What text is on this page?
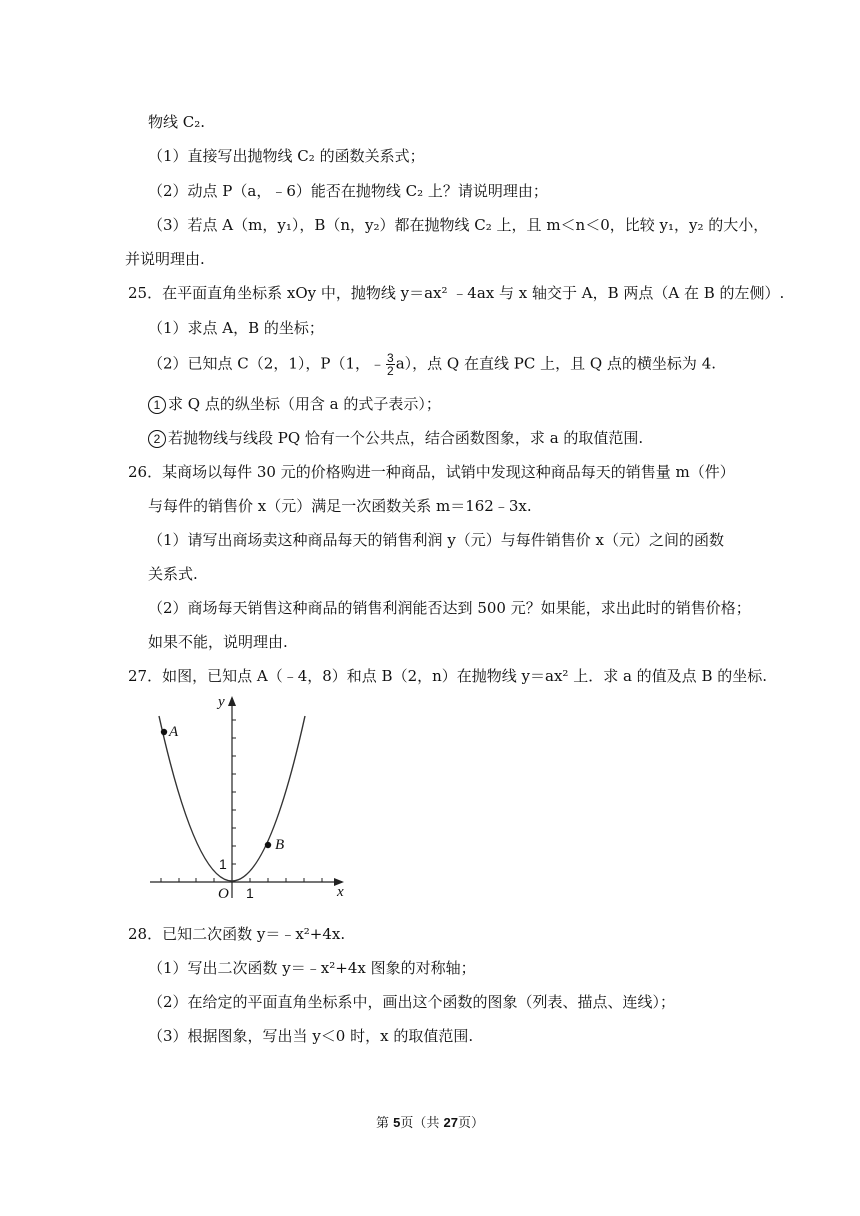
物线 C₂.
（1）直接写出抛物线 C₂ 的函数关系式；
（2）动点 P（a，﹣6）能否在抛物线 C₂ 上？请说明理由；
（3）若点 A（m，y₁），B（n，y₂）都在抛物线 C₂ 上，且 m＜n＜0，比较 y₁，y₂ 的大小，
并说明理由.
25．在平面直角坐标系 xOy 中，抛物线 y＝ax² ﹣4ax 与 x 轴交于 A，B 两点（A 在 B 的左侧）.
（1）求点 A，B 的坐标；
（2）已知点 C（2，1），P（1，﹣ $\frac{3}{2} a$），点 Q 在直线 PC 上，且 Q 点的横坐标为 4.
1 求 Q 点的纵坐标（用含 a 的式子表示）；
2 若抛物线与线段 PQ 恰有一个公共点，结合函数图象，求 a 的取值范围.
26．某商场以每件 30 元的价格购进一种商品，试销中发现这种商品每天的销售量 m（件）
与每件的销售价 x（元）满足一次函数关系 m＝162﹣3x.
（1）请写出商场卖这种商品每天的销售利润 y（元）与每件销售价 x（元）之间的函数
关系式.
（2）商场每天销售这种商品的销售利润能否达到 500 元？如果能，求出此时的销售价格；
如果不能，说明理由.
27．如图，已知点 A（﹣4，8）和点 B（2，n）在抛物线 y＝ax² 上．求 a 的值及点 B 的坐标.
A
B
y
x
O 1
1
28．已知二次函数 y＝﹣x²+4x.
（1）写出二次函数 y＝﹣x²+4x 图象的对称轴；
（2）在给定的平面直角坐标系中，画出这个函数的图象（列表、描点、连线）；
（3）根据图象，写出当 y＜0 时，x 的取值范围.
第 5页（共 27页）
